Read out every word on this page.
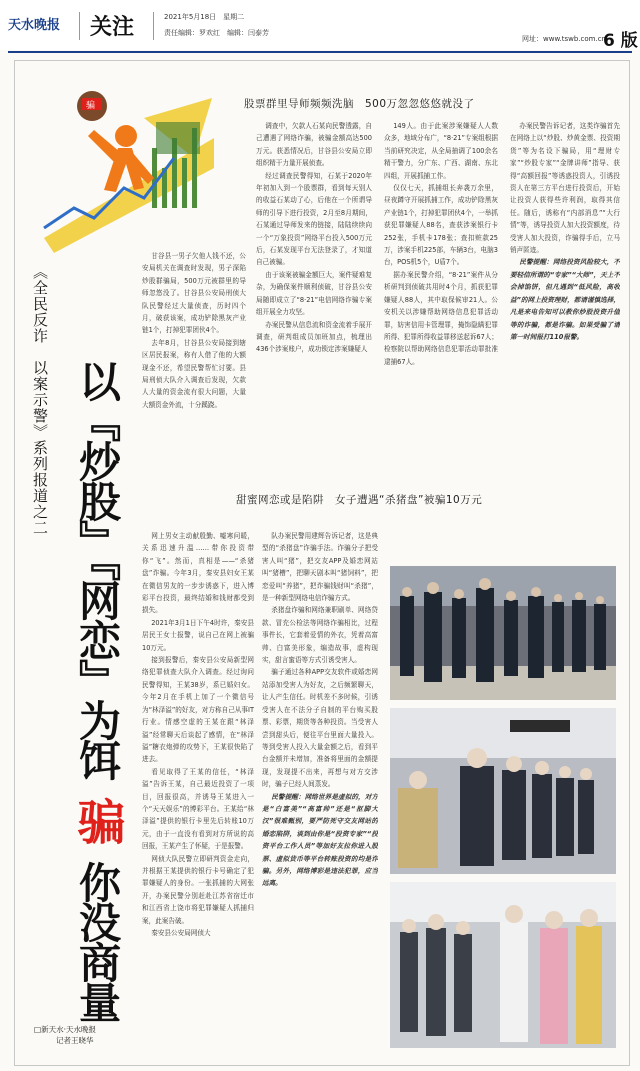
天水晚报 关注	2021年5月18日　星期二
责任编辑：罗欢红　编辑：闫泰芳
网址：www.tswb.com.cn
6 版
骗
《全民反诈　以案示警》系列报道之二 以『炒股』『网恋』为饵骗你没商量
□新天水·天水晚报
记者王晓华
股票群里导师频频洗脑　500万忽忽悠悠就没了

甘谷县一男子欠他人钱不还，公安局机关在调查时发现，男子深陷炒股群骗局，500万元被群里的导师忽悠没了。甘谷县公安局刑侦大队民警经过大量侦查，历时四个月，破获该案，成功铲除黑灰产业链1个，打掉犯罪团伙4个。

去年8月，甘谷县公安局接到辖区居民报案，称有人借了他的大额现金不还，希望民警帮忙讨要。县局刑侦大队介入调查后发现，欠款人大量的资金流有很大问题，大量大额资金外流，十分蹊跷。

调查中，欠款人石某向民警透露，自己遭遇了网络诈骗，被骗金额高达500万元。获悉情况后，甘谷县公安局立即组织精干力量开展侦查。

经过调查民警得知，石某于2020年年初加入到一个股票群，看到每天别人的收益石某动了心，后他在一个所谓导师的引导下进行投资，2月至8月期间，石某通过导师发来的链接，陆陆续续向一个“万象投资”网络平台投入500万元后，石某发现平台无法登录了，才知道自己被骗。

由于该案被骗金额巨大，案件疑难复杂，为确保案件顺利侦破，甘谷县公安局随即成立了“8·21”电信网络诈骗专案组开展全力攻坚。

办案民警从信息流和资金流着手展开调查，研判组成员加班加点，梳理出436个涉案账户，成功锁定涉案嫌疑人

149人。由于此案涉案嫌疑人人数众多，地域分布广，“8·21”专案组根据当前研究决定，从全局抽调了100余名精干警力，分广东、广西、湖南、东北四组，开展抓捕工作。

仅仅七天，抓捕组长奔袭万余里，昼夜蹲守开展抓捕工作，成功铲除黑灰产业链1个，打掉犯罪团伙4个，一举抓获犯罪嫌疑人88名，查获涉案银行卡252张，手机卡178张；查扣赃款25万，涉案手机225部，车辆3台，电脑3台，POS机5个，U盾7个。

据办案民警介绍，“8·21”案件从分析研判到侦破共用时4个月，抓获犯罪嫌疑人88人，其中取保候审21人。公安机关以涉嫌帮助网络信息犯罪活动罪，妨害信用卡管理罪，掩饰隐瞒犯罪所得、犯罪所得收益罪移送起诉67人；检察院以帮助网络信息犯罪活动罪批准逮捕67人。

办案民警告诉记者，这类诈骗首先在网络上以“炒股、炒黄金票、投资期货”等为名设下骗局，用“理财专家”“炒股专家”“金牌讲师”指导、获得“高额回报”等诱惑投资人，引诱投资人在第三方平台进行投资后，开始让投资人获得些许利润，取得其信任。随后，诱称有“内部消息”“大行情”等，诱导投资人加大投资额度，待受害人加大投资，诈骗得手后，立马销声匿迹。

民警提醒：网络投资风险较大，不要轻信所谓的“专家”“大师”，天上不会掉馅饼，但凡遇到“低风险，高收益”的网上投资理财，都请谨慎选择，凡是来电告知可以教你炒股投资升值等的诈骗，都是诈骗。如果受骗了请第一时间报打110报警。

甜蜜网恋或是陷阱　女子遭遇“杀猪盘”被骗10万元

网上男女主动献殷勤、嘘寒问暖，关系迅速升温……带你投资带你“飞”。然而，真相是——“杀猪盘”诈骗。今年3月，秦安县妇女王某在微信男友的一步步诱惑下，进入博彩平台投资，最终结婚和钱财都受到损失。

2021年3月1日下午4时许，秦安县居民王女士报警，说自己在网上被骗10万元。

接到报警后，秦安县公安局新型网络犯罪侦查大队介入调查。经过询问民警得知，王某38岁，系已婚妇女。今年2月在手机上加了一个微信号为“林泽溢”的好友，对方称自己从事IT行业。情感空虚的王某在跟“林泽溢”经常聊天后谈起了感情，在“林泽溢”糖衣炮弹的攻势下，王某很快陷了进去。

看见取得了王某的信任，“林泽溢”告诉王某，自己最近投资了一项目，回报很高，并诱导王某进入一个“天天娱乐”的博彩平台。王某给“林泽溢”提供的银行卡里先后转账10万元，由于一直没有看到对方所说的高回报，王某产生了怀疑，于是报警。

网侦大队民警立即研判资金走向，并根据王某提供的银行卡号确定了犯罪嫌疑人的身份。一张抓捕的大网张开，办案民警分别赶赴江苏省宿迁市和江西省上饶市将犯罪嫌疑人抓捕归案，此案告破。

秦安县公安局网侦大

队办案民警用建辉告诉记者，这是典型的“杀猪盘”诈骗手法。诈骗分子把受害人叫“猪”，把交友APP及婚恋网站叫“猪槽”，把聊天剧本叫“猪饲料”，把恋爱叫“养猪”，把诈骗钱财叫“杀猪”，是一种新型网络电信诈骗方式。

杀猪盘诈骗和网络兼职刷单、网络贷款、冒充公检法等网络诈骗相比，过程事件长，它套着爱情的外衣，凭着高富帅、白富美形象，编造故事，虚构现实，甜言蜜语等方式引诱受害人。

骗子通过各种APP交友软件或婚恋网站添加受害人为好友，之后频繁聊天，让人产生信任。时机差不多时候，引诱受害人在不法分子自制的平台购买股票、彩票，期货等各种投资。当受害人尝到甜头后，便往平台里面大量投入。等到受害人投入大量金额之后，看到平台金额并未增加，准备将里面的金额提现，发现提不出来，再想与对方交涉时，骗子已经人间蒸发。

民警提醒：网络世界是虚拟的，对方是“白富美”“高富帅”还是“抠脚大汉”很难甄别，要严防死守交友网站的婚恋陷阱，谈到由你是“投资专家”“投资平台工作人员”等加好友拉你进入股票、虚拟货币等平台转账投资的均是诈骗。另外，网络博彩是违法犯罪，应当远离。
